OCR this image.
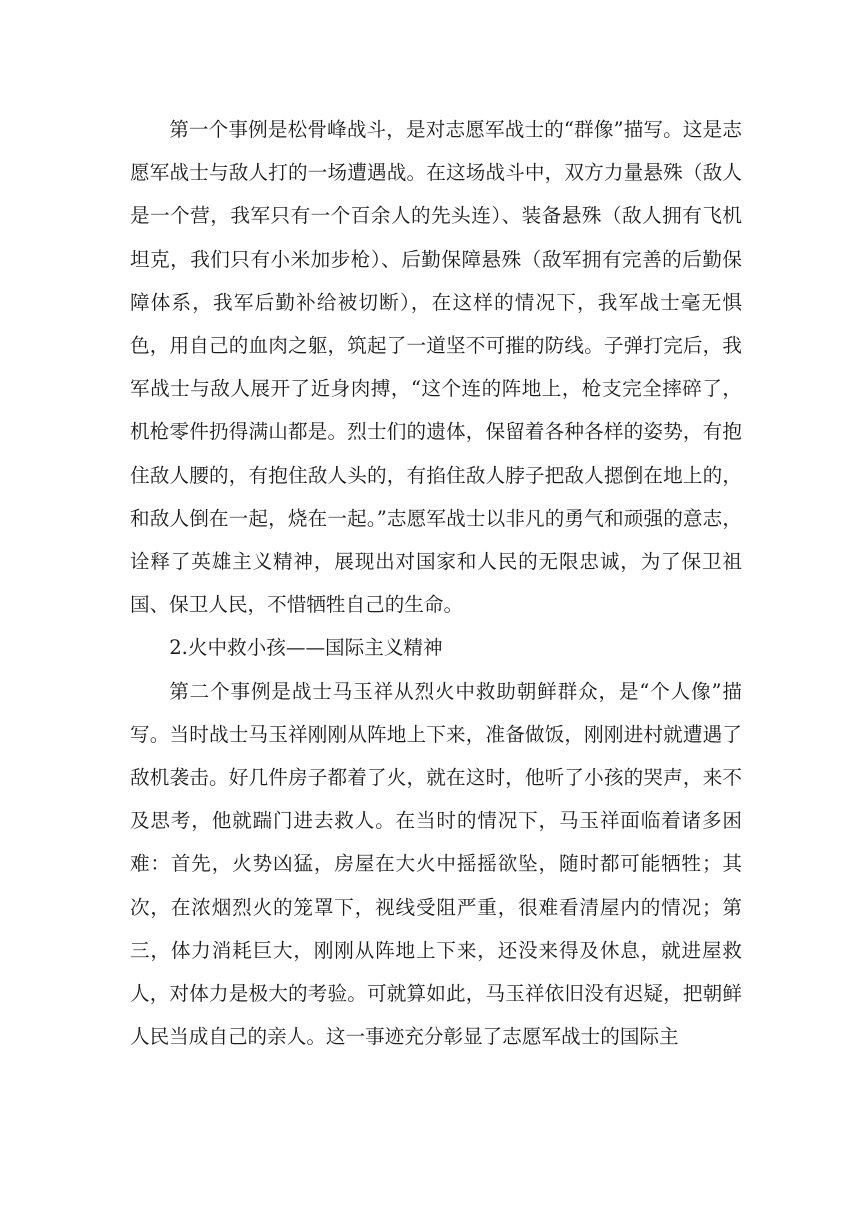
第一个事例是松骨峰战斗，是对志愿军战士的“群像”描写。这是志愿军战士与敌人打的一场遭遇战。在这场战斗中，双方力量悬殊（敌人是一个营，我军只有一个百余人的先头连）、装备悬殊（敌人拥有飞机坦克，我们只有小米加步枪）、后勤保障悬殊（敌军拥有完善的后勤保障体系，我军后勤补给被切断），在这样的情况下，我军战士毫无惧色，用自己的血肉之躯，筑起了一道坚不可摧的防线。子弹打完后，我军战士与敌人展开了近身肉搏，“这个连的阵地上，枪支完全摔碎了，机枪零件扔得满山都是。烈士们的遗体，保留着各种各样的姿势，有抱住敌人腰的，有抱住敌人头的，有掐住敌人脖子把敌人摁倒在地上的，和敌人倒在一起，烧在一起。”志愿军战士以非凡的勇气和顽强的意志，诠释了英雄主义精神，展现出对国家和人民的无限忠诚，为了保卫祖国、保卫人民，不惜牺牲自己的生命。

2.火中救小孩——国际主义精神

第二个事例是战士马玉祥从烈火中救助朝鲜群众，是“个人像”描写。当时战士马玉祥刚刚从阵地上下来，准备做饭，刚刚进村就遭遇了敌机袭击。好几件房子都着了火，就在这时，他听了小孩的哭声，来不及思考，他就踹门进去救人。在当时的情况下，马玉祥面临着诸多困难：首先，火势凶猛，房屋在大火中摇摇欲坠，随时都可能牺牲；其次，在浓烟烈火的笼罩下，视线受阻严重，很难看清屋内的情况；第三，体力消耗巨大，刚刚从阵地上下来，还没来得及休息，就进屋救人，对体力是极大的考验。可就算如此，马玉祥依旧没有迟疑，把朝鲜人民当成自己的亲人。这一事迹充分彰显了志愿军战士的国际主
